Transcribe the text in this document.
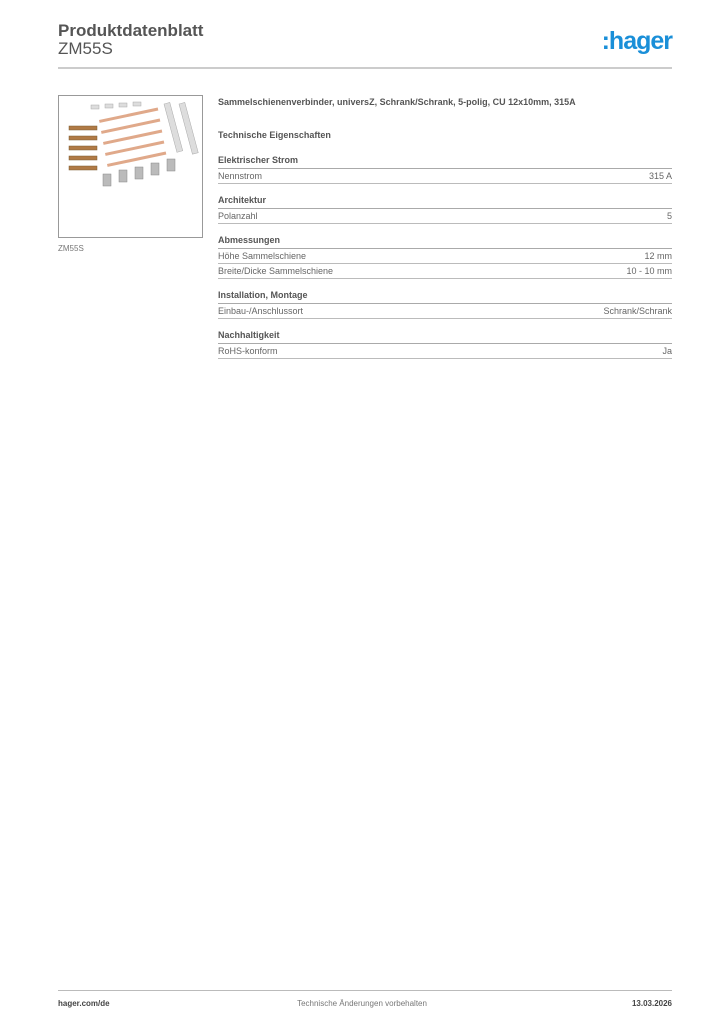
Produktdatenblatt
ZM55S	:hager
ZM55S
Sammelschienenverbinder, universZ, Schrank/Schrank, 5-polig, CU 12x10mm, 315A
Technische Eigenschaften
Elektrischer Strom
Nennstrom	315 A
Architektur
Polanzahl	5
Abmessungen
Höhe Sammelschiene	12 mm
Breite/Dicke Sammelschiene	10 - 10 mm
Installation, Montage
Einbau-/Anschlussort	Schrank/Schrank
Nachhaltigkeit
RoHS-konform	Ja
hager.com/de	Technische Änderungen vorbehalten	13.03.2026
